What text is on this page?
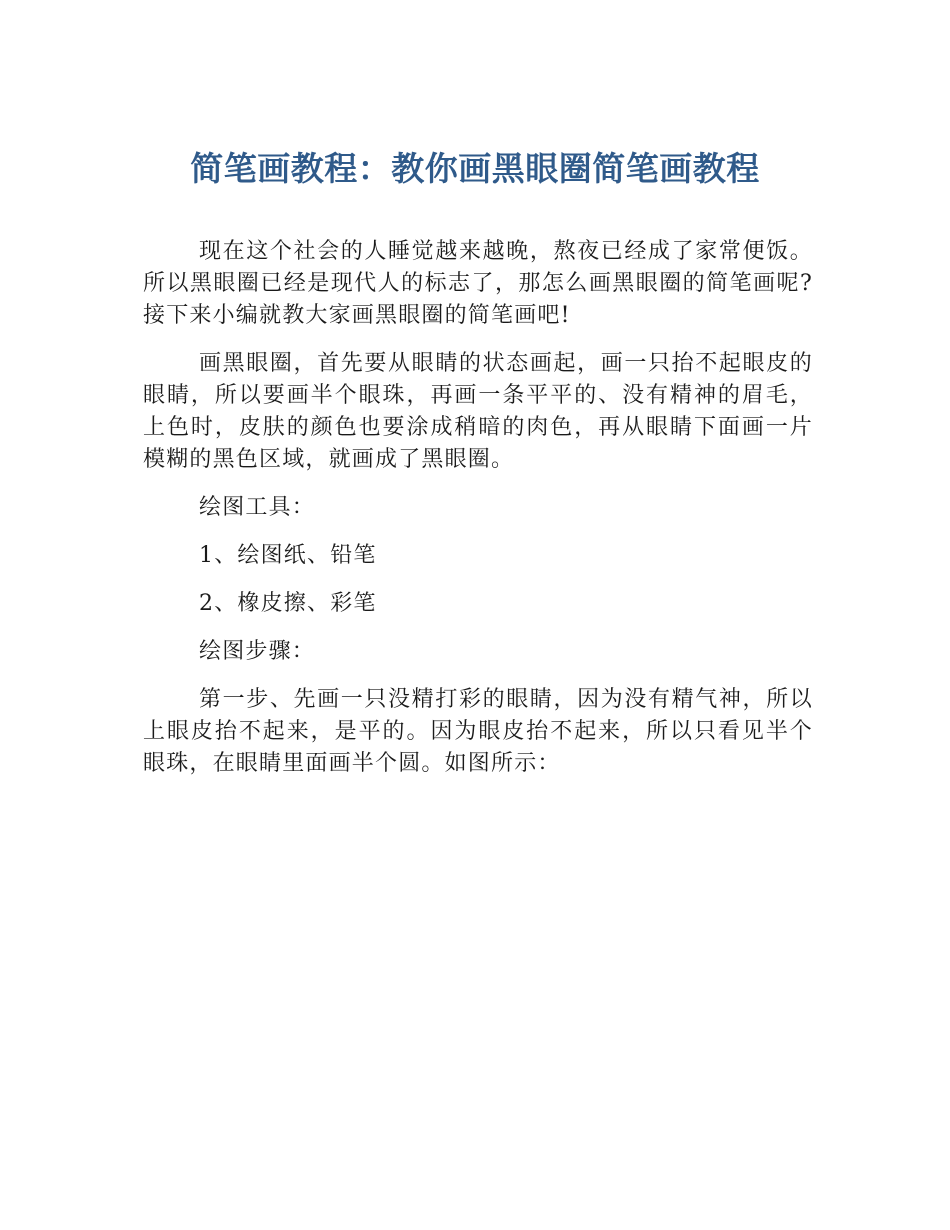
简笔画教程：教你画黑眼圈简笔画教程

现在这个社会的人睡觉越来越晚，熬夜已经成了家常便饭。所以黑眼圈已经是现代人的标志了，那怎么画黑眼圈的简笔画呢?接下来小编就教大家画黑眼圈的简笔画吧!

画黑眼圈，首先要从眼睛的状态画起，画一只抬不起眼皮的眼睛，所以要画半个眼珠，再画一条平平的、没有精神的眉毛，上色时，皮肤的颜色也要涂成稍暗的肉色，再从眼睛下面画一片模糊的黑色区域，就画成了黑眼圈。

绘图工具：

1、绘图纸、铅笔

2、橡皮擦、彩笔

绘图步骤：

第一步、先画一只没精打彩的眼睛，因为没有精气神，所以上眼皮抬不起来，是平的。因为眼皮抬不起来，所以只看见半个眼珠，在眼睛里面画半个圆。如图所示：
